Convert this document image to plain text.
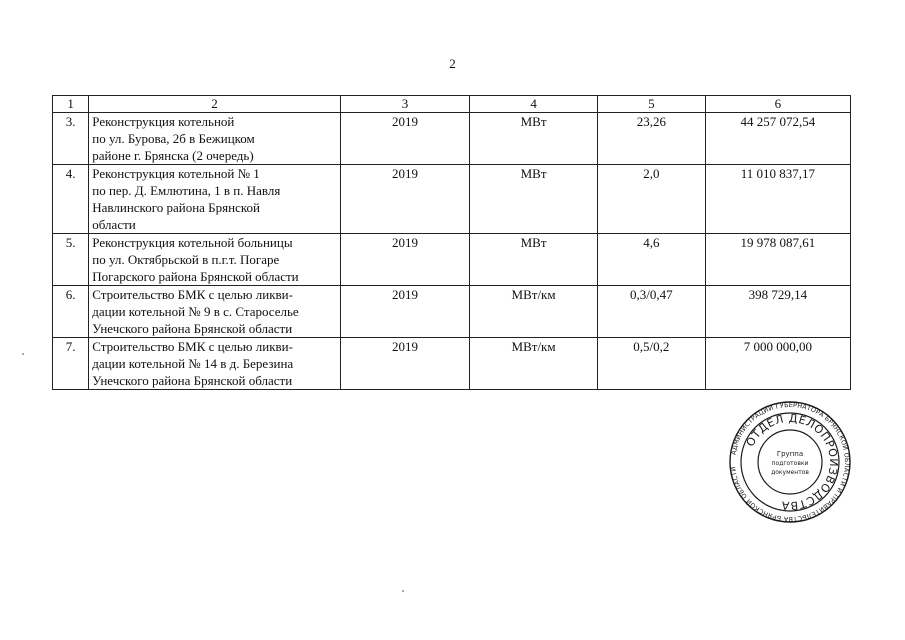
2
1	2	3	4	5	6
3.	Реконструкция котельной
по ул. Бурова, 2б в Бежицком
районе г. Брянска (2 очередь)	2019	МВт	23,26	44 257 072,54
4.	Реконструкция котельной № 1
по пер. Д. Емлютина, 1 в п. Навля
Навлинского района Брянской
области	2019	МВт	2,0	11 010 837,17
5.	Реконструкция котельной больницы
по ул. Октябрьской в п.г.т. Погаре
Погарского района Брянской области	2019	МВт	4,6	19 978 087,61
6.	Строительство БМК с целью ликви-
дации котельной № 9 в с. Староселье
Унечского района Брянской области	2019	МВт/км	0,3/0,47	398 729,14
7.	Строительство БМК с целью ликви-
дации котельной № 14 в д. Березина
Унечского района Брянской области	2019	МВт/км	0,5/0,2	7 000 000,00
АДМИНИСТРАЦИИ ГУБЕРНАТОРА БРЯНСКОЙ ОБЛАСТИ И ПРАВИТЕЛЬСТВА БРЯНСКОЙ ОБЛАСТИ
ОТДЕЛ ДЕЛОПРОИЗВОДСТВА
Группа
подготовки
документов
